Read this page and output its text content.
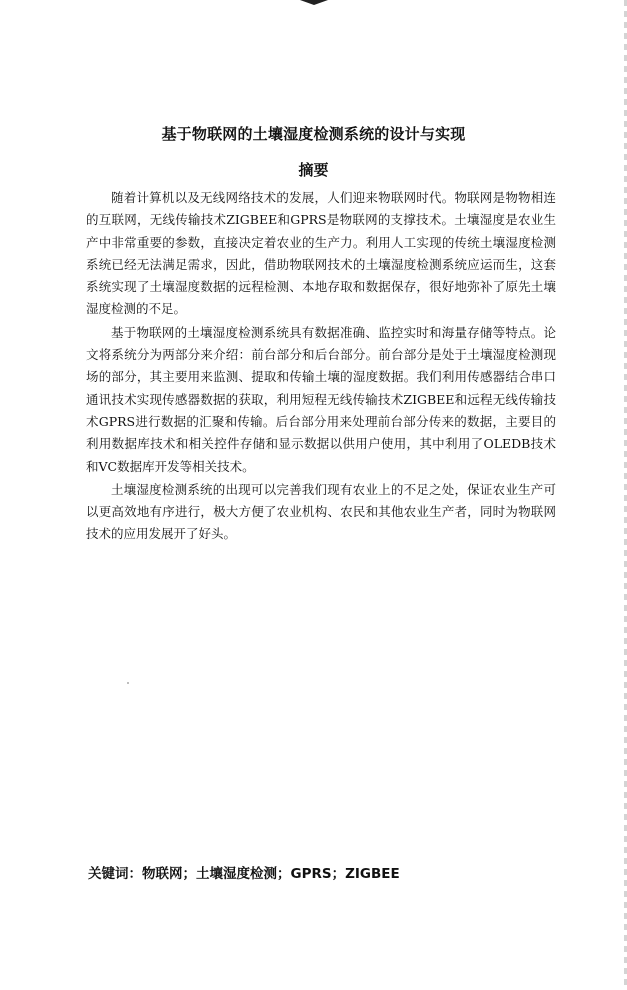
基于物联网的土壤湿度检测系统的设计与实现
摘要

随着计算机以及无线网络技术的发展，人们迎来物联网时代。物联网是物物相连的互联网，无线传输技术ZIGBEE和GPRS是物联网的支撑技术。土壤湿度是农业生产中非常重要的参数，直接决定着农业的生产力。利用人工实现的传统土壤湿度检测系统已经无法满足需求，因此，借助物联网技术的土壤湿度检测系统应运而生，这套系统实现了土壤湿度数据的远程检测、本地存取和数据保存，很好地弥补了原先土壤湿度检测的不足。

基于物联网的土壤湿度检测系统具有数据准确、监控实时和海量存储等特点。论文将系统分为两部分来介绍：前台部分和后台部分。前台部分是处于土壤湿度检测现场的部分，其主要用来监测、提取和传输土壤的湿度数据。我们利用传感器结合串口通讯技术实现传感器数据的获取，利用短程无线传输技术ZIGBEE和远程无线传输技术GPRS进行数据的汇聚和传输。后台部分用来处理前台部分传来的数据，主要目的利用数据库技术和相关控件存储和显示数据以供用户使用，其中利用了OLEDB技术和VC数据库开发等相关技术。

土壤湿度检测系统的出现可以完善我们现有农业上的不足之处，保证农业生产可以更高效地有序进行，极大方便了农业机构、农民和其他农业生产者，同时为物联网技术的应用发展开了好头。

关键词：物联网；土壤湿度检测；GPRS；ZIGBEE
